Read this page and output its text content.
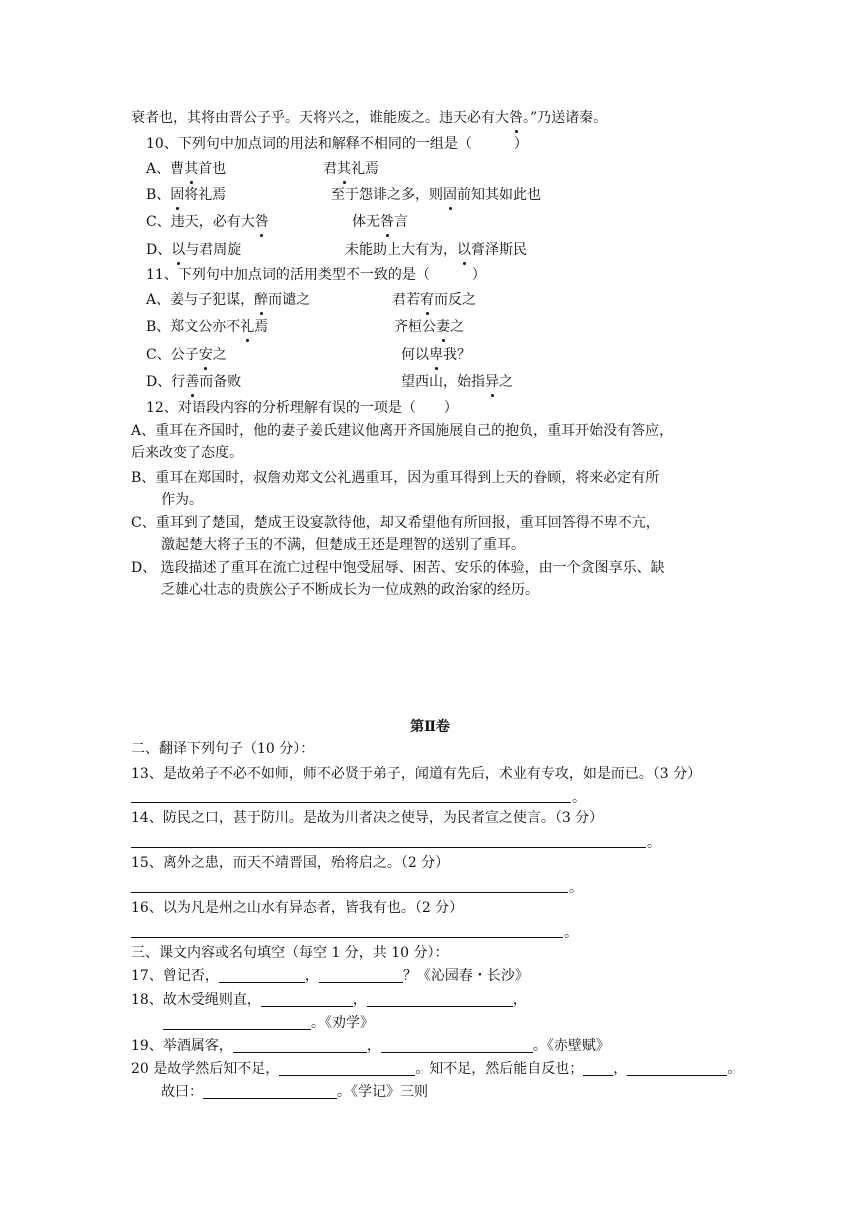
衰者也，其将由晋公子乎。天将兴之，谁能废之。违天必有大咎。”乃送诸秦。
10、下列句中加点词的用法和解释不相同的一组是（　　　）
A、曹其首也	君其礼焉
B、固将礼焉	至于怨诽之多，则固前知其如此也
C、违天，必有大咎	体无咎言
D、以与君周旋	未能助上大有为，以膏泽斯民
11、下列句中加点词的活用类型不一致的是（　　　）
A、姜与子犯谋，醉而谴之	君若宥而反之
B、郑文公亦不礼焉	齐桓公妻之
C、公子安之	何以卑我？
D、行善而备败	望西山，始指异之
12、对语段内容的分析理解有误的一项是（　　）
A、重耳在齐国时，他的妻子姜氏建议他离开齐国施展自己的抱负，重耳开始没有答应，
后来改变了态度。
B、重耳在郑国时，叔詹劝郑文公礼遇重耳，因为重耳得到上天的眷顾，将来必定有所
作为。
C、重耳到了楚国，楚成王设宴款待他，却又希望他有所回报，重耳回答得不卑不亢，
激起楚大将子玉的不满，但楚成王还是理智的送别了重耳。
D、 选段描述了重耳在流亡过程中饱受屈辱、困苦、安乐的体验，由一个贪图享乐、缺
乏雄心壮志的贵族公子不断成长为一位成熟的政治家的经历。
第Ⅱ卷
二、翻译下列句子（10 分）：
13、是故弟子不必不如师，师不必贤于弟子，闻道有先后，术业有专攻，如是而已。（3 分）
。
14、防民之口，甚于防川。是故为川者决之使导，为民者宣之使言。（3 分）
。
15、离外之患，而天不靖晋国，殆将启之。（2 分）
。
16、以为凡是州之山水有异态者，皆我有也。（2 分）
。
三、课文内容或名句填空（每空 1 分，共 10 分）：
17、曾记否，	，	？《沁园春・长沙》
18、故木受绳则直，	，	，
。《劝学》
19、举酒属客，	，	。《赤壁赋》
20 是故学然后知不足，	。知不足，然后能自反也； ，	。
故曰：	。《学记》三则
